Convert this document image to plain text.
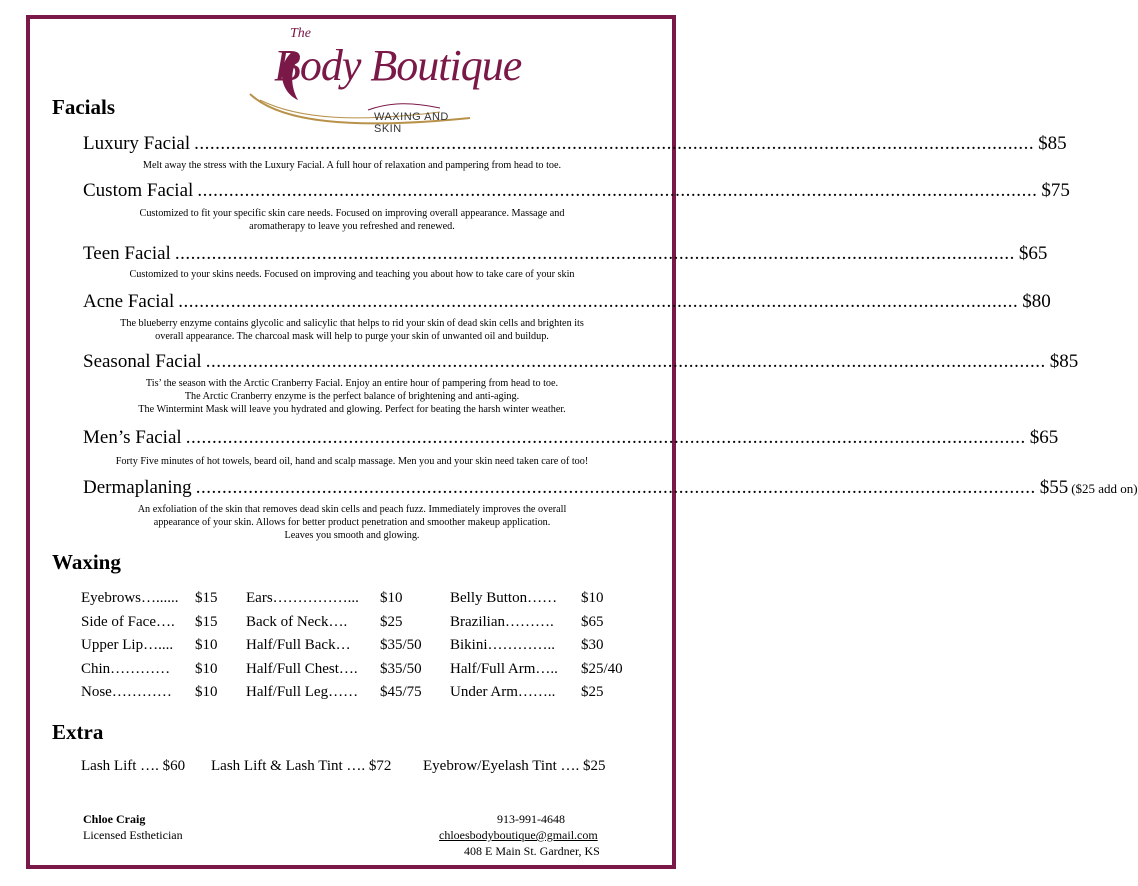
The
Body Boutique
WAXING AND SKIN
Facials
Luxury Facial ................................................................................................................................................................ $85
Melt away the stress with the Luxury Facial. A full hour of relaxation and pampering from head to toe.
Custom Facial ................................................................................................................................................................ $75
Customized to fit your specific skin care needs. Focused on improving overall appearance. Massage and
aromatherapy to leave you refreshed and renewed.
Teen Facial ................................................................................................................................................................ $65
Customized to your skins needs. Focused on improving and teaching you about how to take care of your skin
Acne Facial ................................................................................................................................................................ $80
The blueberry enzyme contains glycolic and salicylic that helps to rid your skin of dead skin cells and brighten its
overall appearance. The charcoal mask will help to purge your skin of unwanted oil and buildup.
Seasonal Facial ................................................................................................................................................................ $85
Tis’ the season with the Arctic Cranberry Facial. Enjoy an entire hour of pampering from head to toe.
The Arctic Cranberry enzyme is the perfect balance of brightening and anti-aging.
The Wintermint Mask will leave you hydrated and glowing. Perfect for beating the harsh winter weather.
Men’s Facial ................................................................................................................................................................ $65
Forty Five minutes of hot towels, beard oil, hand and scalp massage. Men you and your skin need taken care of too!
Dermaplaning ................................................................................................................................................................ $55 ($25 add on)
An exfoliation of the skin that removes dead skin cells and peach fuzz. Immediately improves the overall
appearance of your skin. Allows for better product penetration and smoother makeup application.
Leaves you smooth and glowing.
Waxing
Eyebrows…...... $15
Side of Face…. $15
Upper Lip….... $10
Chin………… $10
Nose………… $10
Ears……………... $10
Back of Neck…. $25
Half/Full Back… $35/50
Half/Full Chest…. $35/50
Half/Full Leg…… $45/75
Belly Button…… $10
Brazilian………. $65
Bikini………….. $30
Half/Full Arm….. $25/40
Under Arm…….. $25
Extra
Lash Lift …. $60 Lash Lift & Lash Tint …. $72 Eyebrow/Eyelash Tint …. $25
Chloe Craig
Licensed Esthetician
913-991-4648
chloesbodyboutique@gmail.com
408 E Main St. Gardner, KS
